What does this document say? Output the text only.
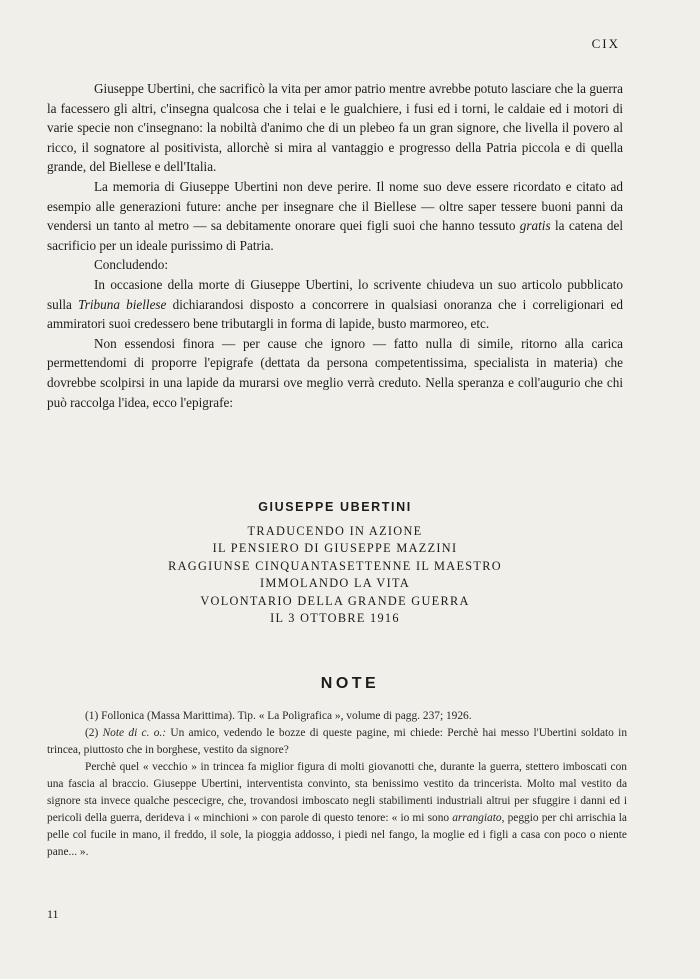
CIX

Giuseppe Ubertini, che sacrificò la vita per amor patrio mentre avrebbe potuto lasciare che la guerra la facessero gli altri, c'insegna qualcosa che i telai e le gualchiere, i fusi ed i torni, le caldaie ed i motori di varie specie non c'insegnano: la nobiltà d'animo che di un plebeo fa un gran signore, che livella il povero al ricco, il sognatore al positivista, allorchè si mira al vantaggio e progresso della Patria piccola e di quella grande, del Biellese e dell'Italia.

La memoria di Giuseppe Ubertini non deve perire. Il nome suo deve essere ricordato e citato ad esempio alle generazioni future: anche per insegnare che il Biellese — oltre saper tessere buoni panni da vendersi un tanto al metro — sa debitamente onorare quei figli suoi che hanno tessuto gratis la catena del sacrificio per un ideale purissimo di Patria.

Concludendo:

In occasione della morte di Giuseppe Ubertini, lo scrivente chiudeva un suo articolo pubblicato sulla Tribuna biellese dichiarandosi disposto a concorrere in qualsiasi onoranza che i correligionari ed ammiratori suoi credessero bene tributargli in forma di lapide, busto marmoreo, etc.

Non essendosi finora — per cause che ignoro — fatto nulla di simile, ritorno alla carica permettendomi di proporre l'epigrafe (dettata da persona competentissima, specialista in materia) che dovrebbe scolpirsi in una lapide da murarsi ove meglio verrà creduto. Nella speranza e coll'augurio che chi può raccolga l'idea, ecco l'epigrafe:

GIUSEPPE UBERTINI
TRADUCENDO IN AZIONE
IL PENSIERO DI GIUSEPPE MAZZINI
RAGGIUNSE CINQUANTASETTENNE IL MAESTRO
IMMOLANDO LA VITA
VOLONTARIO DELLA GRANDE GUERRA
IL 3 OTTOBRE 1916
NOTE

(1) Follonica (Massa Marittima). Tip. « La Poligrafica », volume di pagg. 237; 1926.

(2) Note di c. o.: Un amico, vedendo le bozze di queste pagine, mi chiede: Perchè hai messo l'Ubertini soldato in trincea, piuttosto che in borghese, vestito da signore?

Perchè quel « vecchio » in trincea fa miglior figura di molti giovanotti che, durante la guerra, stettero imboscati con una fascia al braccio. Giuseppe Ubertini, interventista convinto, sta benissimo vestito da trincerista. Molto mal vestito da signore sta invece qualche pescecigre, che, trovandosi imboscato negli stabilimenti industriali altrui per sfuggire i danni ed i pericoli della guerra, derideva i « minchioni » con parole di questo tenore: « io mi sono arrangiato, peggio per chi arrischia la pelle col fucile in mano, il freddo, il sole, la pioggia addosso, i piedi nel fango, la moglie ed i figli a casa con poco o niente pane... ».

11
